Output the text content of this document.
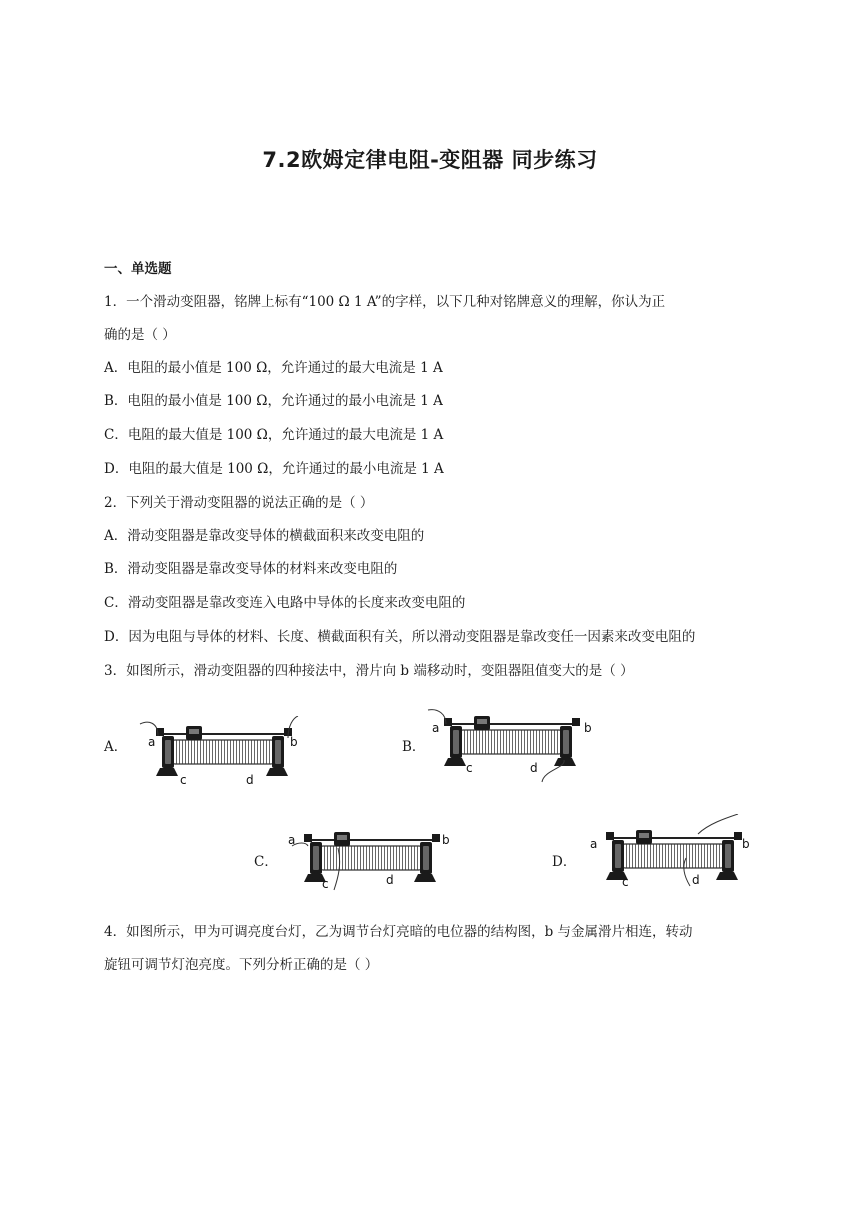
7.2欧姆定律电阻-变阻器 同步练习
一、单选题
1．一个滑动变阻器，铭牌上标有“100 Ω 1 A”的字样，以下几种对铭牌意义的理解，你认为正
确的是（ ）
A．电阻的最小值是 100 Ω，允许通过的最大电流是 1 A
B．电阻的最小值是 100 Ω，允许通过的最小电流是 1 A
C．电阻的最大值是 100 Ω，允许通过的最大电流是 1 A
D．电阻的最大值是 100 Ω，允许通过的最小电流是 1 A
2．下列关于滑动变阻器的说法正确的是（ ）
A．滑动变阻器是靠改变导体的横截面积来改变电阻的
B．滑动变阻器是靠改变导体的材料来改变电阻的
C．滑动变阻器是靠改变连入电路中导体的长度来改变电阻的
D．因为电阻与导体的材料、长度、横截面积有关，所以滑动变阻器是靠改变任一因素来改变电阻的
3．如图所示，滑动变阻器的四种接法中，滑片向 b 端移动时，变阻器阻值变大的是（ ）
A． a	b
c	d
B．
a	b
c	d
C．
a	b
c	d
D．
a	b
c	d
4．如图所示，甲为可调亮度台灯，乙为调节台灯亮暗的电位器的结构图，b 与金属滑片相连，转动
旋钮可调节灯泡亮度。下列分析正确的是（ ）
